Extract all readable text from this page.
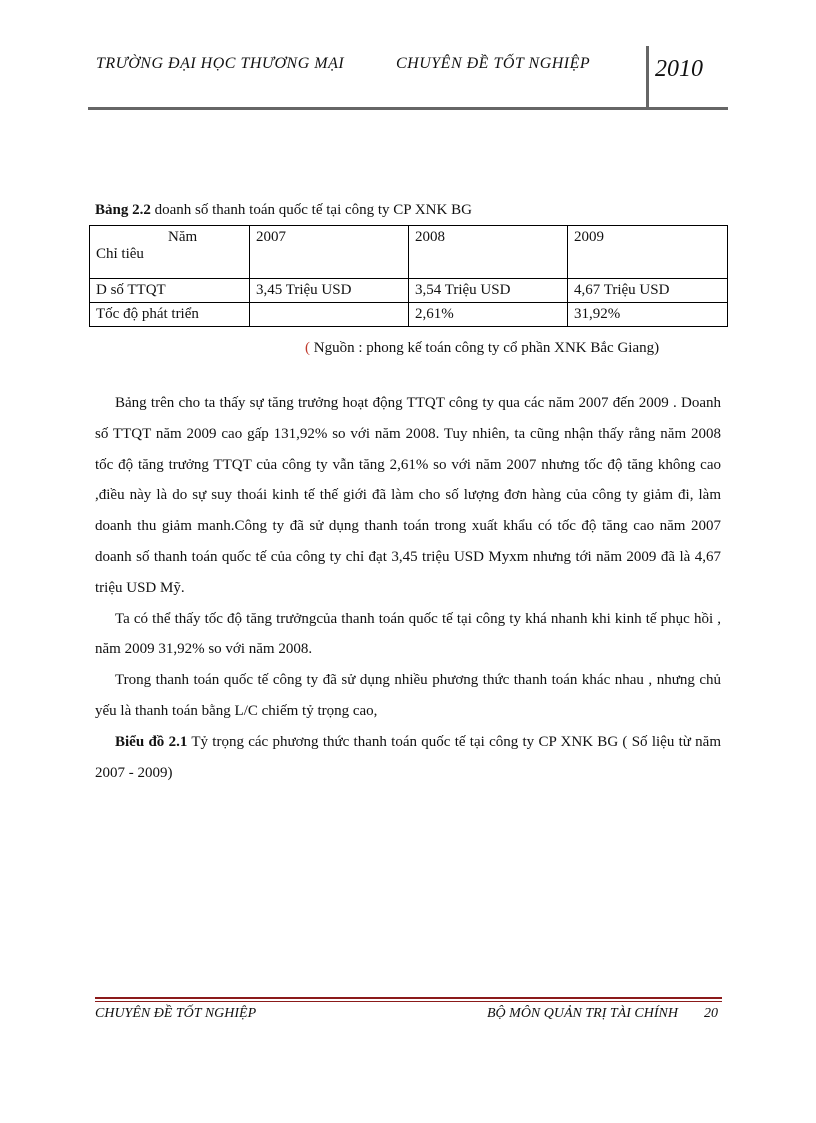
TRƯỜNG ĐẠI HỌC THƯƠNG MẠI	CHUYÊN ĐỀ TỐT NGHIỆP	2010
Bảng 2.2 doanh số thanh toán quốc tế tại công ty CP XNK BG
Năm
Chỉ tiêu	2007	2008	2009
D số TTQT	3,45 Triệu USD	3,54 Triệu USD	4,67 Triệu USD
Tốc độ phát triển		2,61%	31,92%
( Nguồn : phong kế toán công ty cổ phần XNK Bắc Giang)

Bảng trên cho ta thấy sự tăng trưởng hoạt động TTQT công ty qua các năm 2007 đến 2009 . Doanh số TTQT năm 2009 cao gấp 131,92% so với năm 2008. Tuy nhiên, ta cũng nhận thấy rằng năm 2008 tốc độ tăng trưởng TTQT của công ty vẫn tăng 2,61% so với năm 2007 nhưng tốc độ tăng không cao ,điều này là do sự suy thoái kinh tế thế giới đã làm cho số lượng đơn hàng của công ty giảm đi, làm doanh thu giảm manh.Công ty đã sử dụng thanh toán trong xuất khẩu có tốc độ tăng cao năm 2007 doanh số thanh toán quốc tế của công ty chỉ đạt 3,45 triệu USD Myxm nhưng tới năm 2009 đã là 4,67 triệu USD Mỹ.

Ta có thể thấy tốc độ tăng trưởngcủa thanh toán quốc tế tại công ty khá nhanh khi kinh tế phục hồi , năm 2009 31,92% so với năm 2008.

Trong thanh toán quốc tế công ty đã sử dụng nhiều phương thức thanh toán khác nhau , nhưng chủ yếu là thanh toán bằng L/C chiếm tỷ trọng cao,

Biểu đồ 2.1 Tỷ trọng các phương thức thanh toán quốc tế tại công ty CP XNK BG ( Số liệu từ năm 2007 - 2009)

CHUYÊN ĐỀ TỐT NGHIỆP	BỘ MÔN QUẢN TRỊ TÀI CHÍNH 20
